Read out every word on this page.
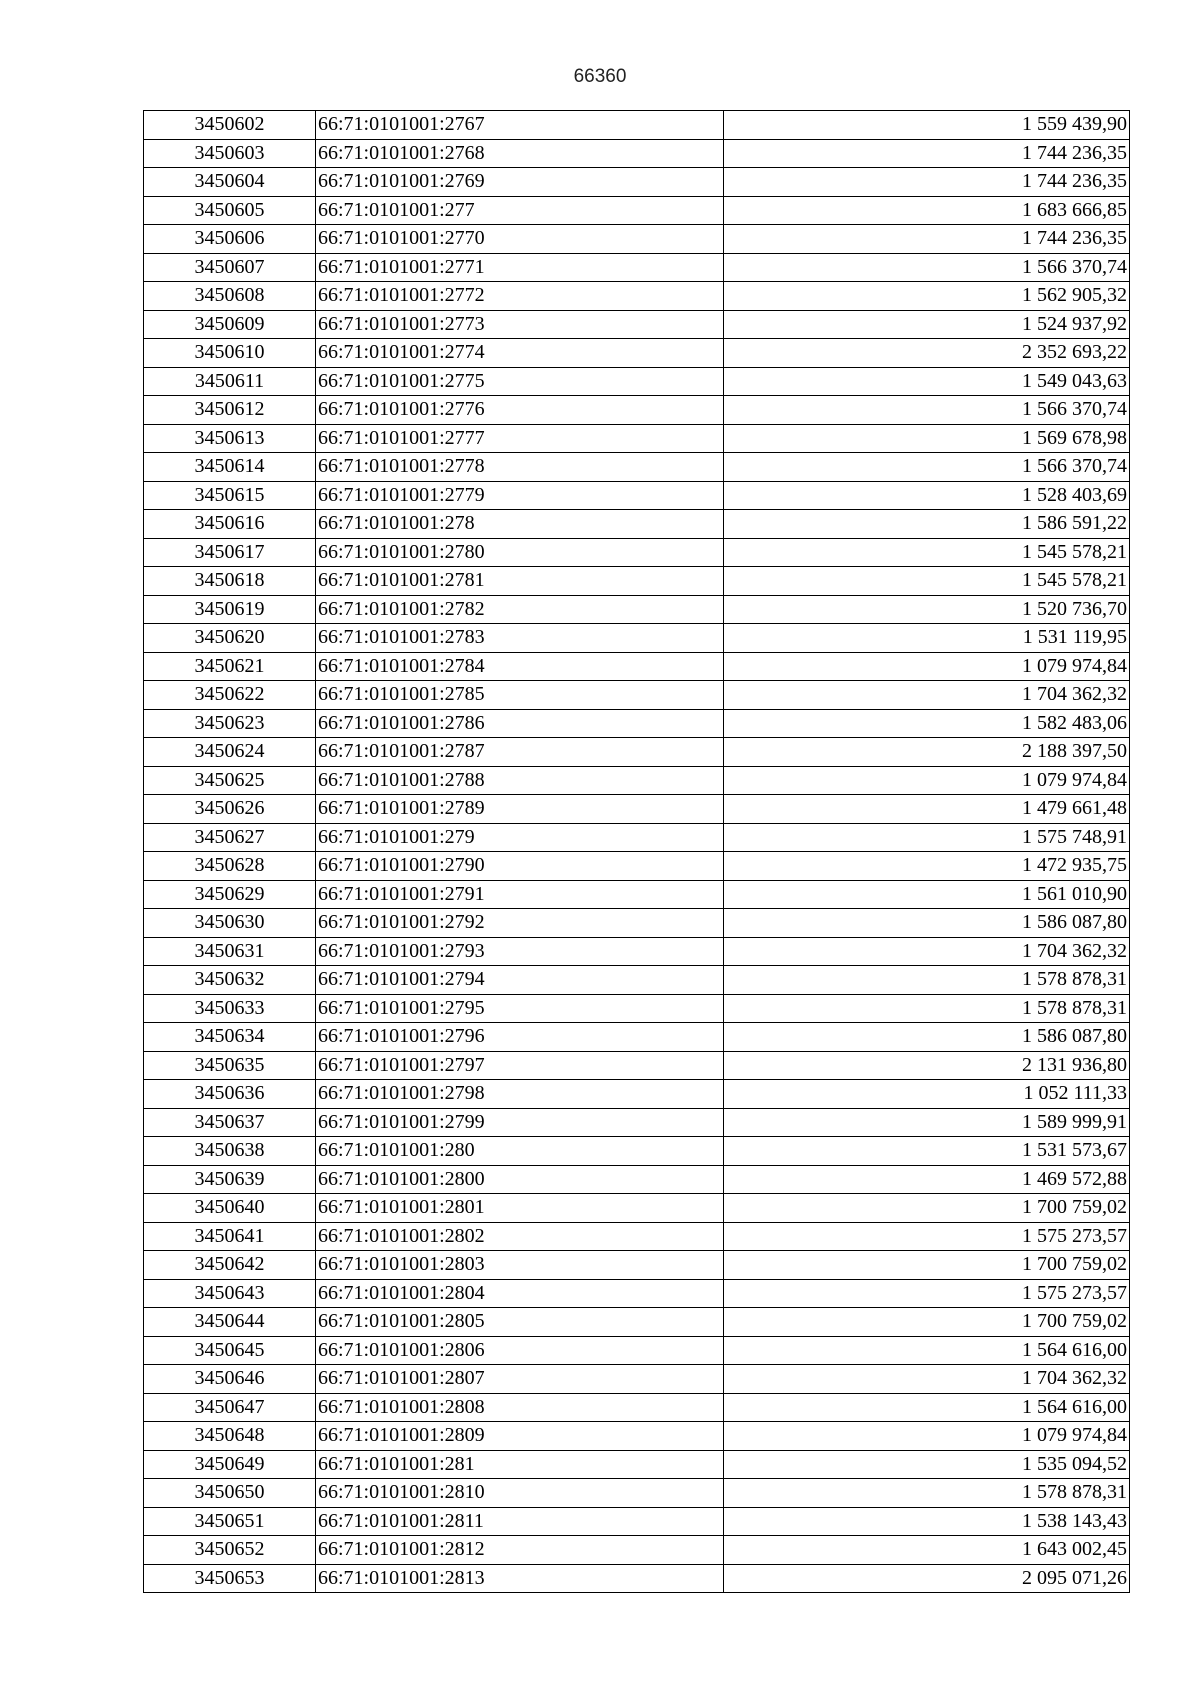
66360
3450602	66:71:0101001:2767	1 559 439,90
3450603	66:71:0101001:2768	1 744 236,35
3450604	66:71:0101001:2769	1 744 236,35
3450605	66:71:0101001:277	1 683 666,85
3450606	66:71:0101001:2770	1 744 236,35
3450607	66:71:0101001:2771	1 566 370,74
3450608	66:71:0101001:2772	1 562 905,32
3450609	66:71:0101001:2773	1 524 937,92
3450610	66:71:0101001:2774	2 352 693,22
3450611	66:71:0101001:2775	1 549 043,63
3450612	66:71:0101001:2776	1 566 370,74
3450613	66:71:0101001:2777	1 569 678,98
3450614	66:71:0101001:2778	1 566 370,74
3450615	66:71:0101001:2779	1 528 403,69
3450616	66:71:0101001:278	1 586 591,22
3450617	66:71:0101001:2780	1 545 578,21
3450618	66:71:0101001:2781	1 545 578,21
3450619	66:71:0101001:2782	1 520 736,70
3450620	66:71:0101001:2783	1 531 119,95
3450621	66:71:0101001:2784	1 079 974,84
3450622	66:71:0101001:2785	1 704 362,32
3450623	66:71:0101001:2786	1 582 483,06
3450624	66:71:0101001:2787	2 188 397,50
3450625	66:71:0101001:2788	1 079 974,84
3450626	66:71:0101001:2789	1 479 661,48
3450627	66:71:0101001:279	1 575 748,91
3450628	66:71:0101001:2790	1 472 935,75
3450629	66:71:0101001:2791	1 561 010,90
3450630	66:71:0101001:2792	1 586 087,80
3450631	66:71:0101001:2793	1 704 362,32
3450632	66:71:0101001:2794	1 578 878,31
3450633	66:71:0101001:2795	1 578 878,31
3450634	66:71:0101001:2796	1 586 087,80
3450635	66:71:0101001:2797	2 131 936,80
3450636	66:71:0101001:2798	1 052 111,33
3450637	66:71:0101001:2799	1 589 999,91
3450638	66:71:0101001:280	1 531 573,67
3450639	66:71:0101001:2800	1 469 572,88
3450640	66:71:0101001:2801	1 700 759,02
3450641	66:71:0101001:2802	1 575 273,57
3450642	66:71:0101001:2803	1 700 759,02
3450643	66:71:0101001:2804	1 575 273,57
3450644	66:71:0101001:2805	1 700 759,02
3450645	66:71:0101001:2806	1 564 616,00
3450646	66:71:0101001:2807	1 704 362,32
3450647	66:71:0101001:2808	1 564 616,00
3450648	66:71:0101001:2809	1 079 974,84
3450649	66:71:0101001:281	1 535 094,52
3450650	66:71:0101001:2810	1 578 878,31
3450651	66:71:0101001:2811	1 538 143,43
3450652	66:71:0101001:2812	1 643 002,45
3450653	66:71:0101001:2813	2 095 071,26
